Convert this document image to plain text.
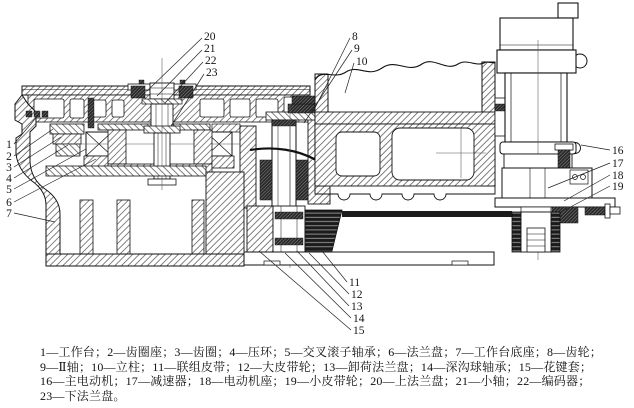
1
2
3
4
5
6
7
8
9
10
11
12
13
14
15
16
17
18
19
20
21
22
23

1—工作台；2—齿圈座；3—齿圈；4—压环；5—交叉滚子轴承；6—法兰盘；7—工作台底座；8—齿轮；

9—Ⅱ轴；10—立柱；11—联组皮带；12—大皮带轮；13—卸荷法兰盘；14—深沟球轴承；15—花键套；

16—主电动机；17—减速器；18—电动机座；19—小皮带轮；20—上法兰盘；21—小轴；22—编码器；

23—下法兰盘。
